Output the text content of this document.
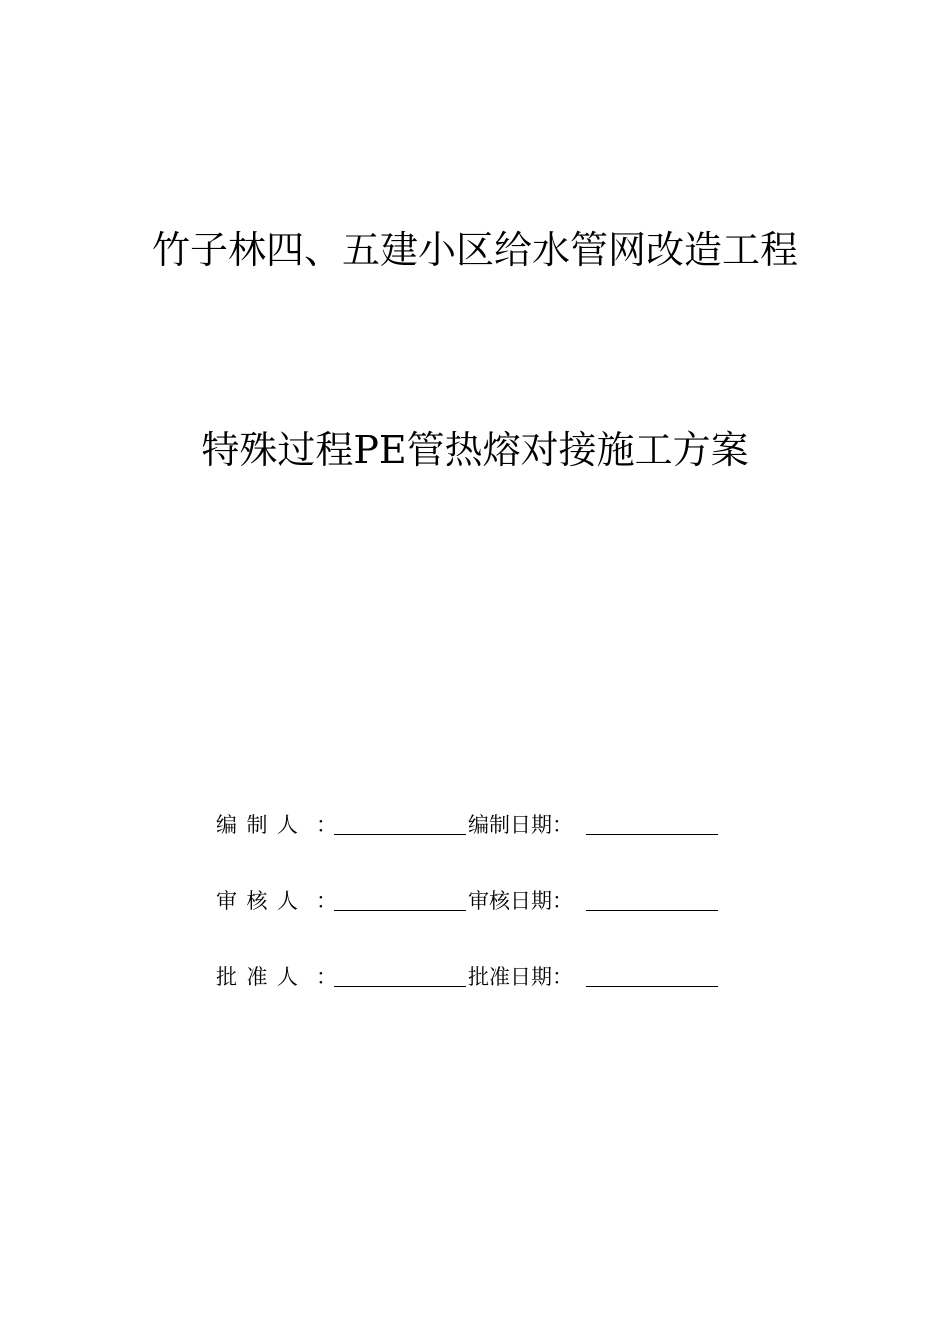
竹子林四、五建小区给水管网改造工程
特殊过程PE管热熔对接施工方案
编 制 人 ：	编制日期：
审 核 人 ：	审核日期：
批 准 人 ：	批准日期：
